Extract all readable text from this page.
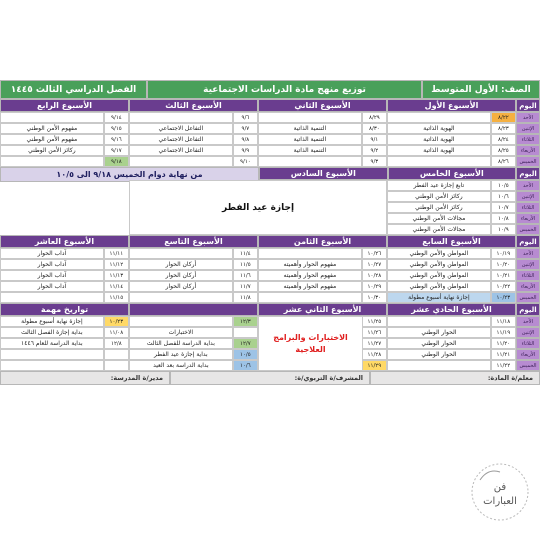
الصف: الأول المتوسط
توزيع منهج مادة الدراسات الاجتماعية
الفصل الدراسي الثالث ١٤٤٥
اليوم
الأسبوع الأول
الأسبوع الثاني
الأسبوع الثالث
الأسبوع الرابع
الأحد
٨/٢٢
٨/٢٩
٩/٦
٩/١٤
الإثنين
٨/٢٣
الهوية الذاتية
٨/٣٠
التنمية الذاتية
٩/٧
التفاعل الاجتماعي
٩/١٥
مفهوم الأمن الوطني
الثلاثاء
٨/٢٤
الهوية الذاتية
٩/١
التنمية الذاتية
٩/٨
التفاعل الاجتماعي
٩/١٦
مفهوم الأمن الوطني
الأربعاء
٨/٢٥
الهوية الذاتية
٩/٢
التنمية الذاتية
٩/٩
التفاعل الاجتماعي
٩/١٧
ركائز الأمن الوطني
الخميس
٨/٢٦
٩/٣
٩/١٠
٩/١٨
اليوم
الأسبوع الخامس
الأسبوع السادس
من نهاية دوام الخميس ٩/١٨ الى ١٠/٥
الأحد
١٠/٥
تابع إجازة عيد الفطر
الإثنين
١٠/٦
ركائز الأمن الوطني
الثلاثاء
١٠/٧
ركائز الأمن الوطني
الأربعاء
١٠/٨
مجالات الأمن الوطني
الخميس
١٠/٩
مجالات الأمن الوطني
إجازة عيد الفطر
اليوم
الأسبوع السابع
الأسبوع الثامن
الأسبوع التاسع
الأسبوع العاشر
الأحد
١٠/١٩
المواطن والأمن الوطني
١٠/٢٦
١١/٤
١١/١١
آداب الحوار
الإثنين
١٠/٢٠
المواطن والأمن الوطني
١٠/٢٧
مفهوم الحوار وأهميته
١١/٥
أركان الحوار
١١/١٢
آداب الحوار
الثلاثاء
١٠/٢١
المواطن والأمن الوطني
١٠/٢٨
مفهوم الحوار وأهميته
١١/٦
أركان الحوار
١١/١٣
آداب الحوار
الأربعاء
١٠/٢٢
المواطن والأمن الوطني
١٠/٢٩
مفهوم الحوار وأهميته
١١/٧
أركان الحوار
١١/١٤
آداب الحوار
الخميس
١٠/٢٣
إجازة نهاية أسبوع مطولة
١٠/٣٠
١١/٨
١١/١٥
اليوم
الأسبوع الحادي عشر
الأسبوع الثاني عشر
تواريخ مهمة
الأحد
١١/١٨
١١/٢٥
١٢/٣
١٠/٢٣
إجازة نهاية أسبوع مطولة
الإثنين
١١/١٩
الحوار الوطني
١١/٢٦
الاختبارات
١١/٠٨
بداية إجازة الفصل الثالث
الثلاثاء
١١/٢٠
الحوار الوطني
١١/٢٧
١٢/٧
بداية الدراسة للفصل الثالث
١٢/٨
بداية الدراسة للعام ١٤٤٦
الأربعاء
١١/٢١
الحوار الوطني
١١/٢٨
١٠/٥
بداية إجازة عيد الفطر
الخميس
١١/٢٢
١١/٢٩
١٠/٦
بداية الدراسة بعد العيد
الاختبارات والبرامج العلاجية
معلم/ة المادة:
المشرف/ة التربوي/ة:
مدير/ة المدرسة:
فن
العبارات
